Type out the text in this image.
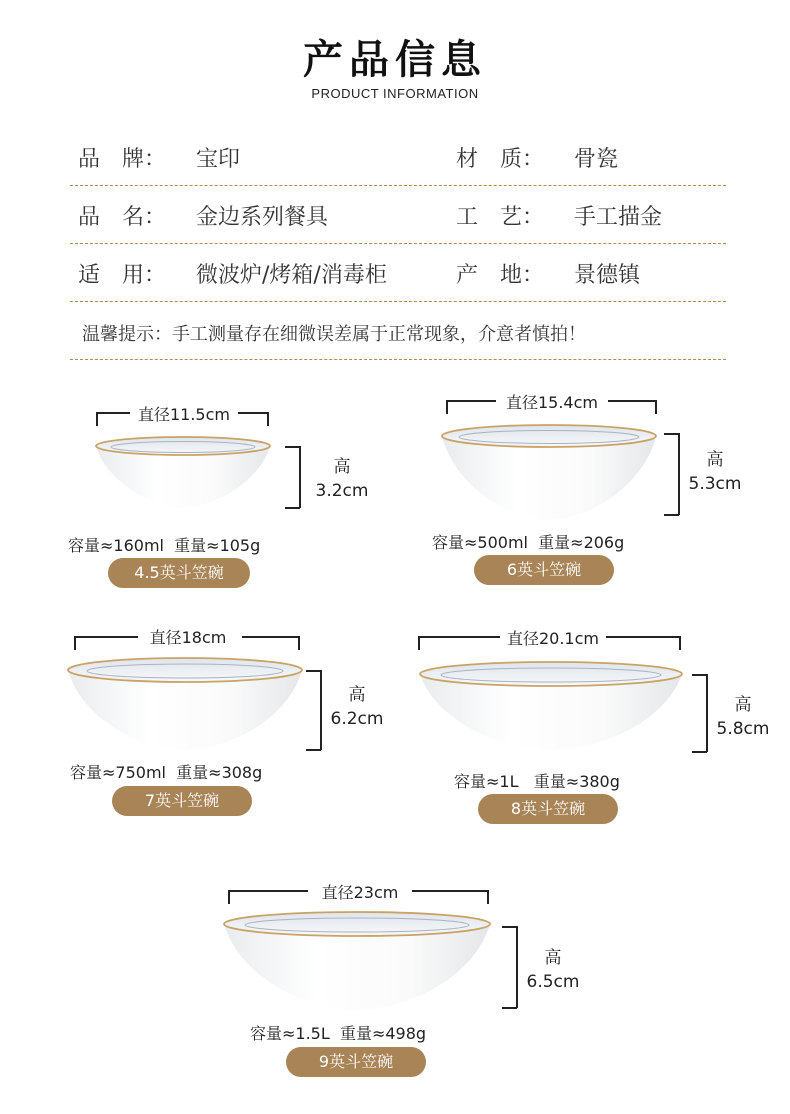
产品信息
PRODUCT INFORMATION
品　牌： 宝印	材　质： 骨瓷
品　名： 金边系列餐具	工　艺： 手工描金
适　用： 微波炉/烤箱/消毒柜	产　地： 景德镇
温馨提示：手工测量存在细微误差属于正常现象，介意者慎拍！
直径11.5cm
高
3.2cm
容量≈160ml 重量≈105g
4.5英斗笠碗
直径15.4cm
高
5.3cm
容量≈500ml 重量≈206g
6英斗笠碗
直径18cm
高
6.2cm
容量≈750ml 重量≈308g
7英斗笠碗
直径20.1cm
高
5.8cm
容量≈1L 重量≈380g
8英斗笠碗
直径23cm
高
6.5cm
容量≈1.5L 重量≈498g
9英斗笠碗
